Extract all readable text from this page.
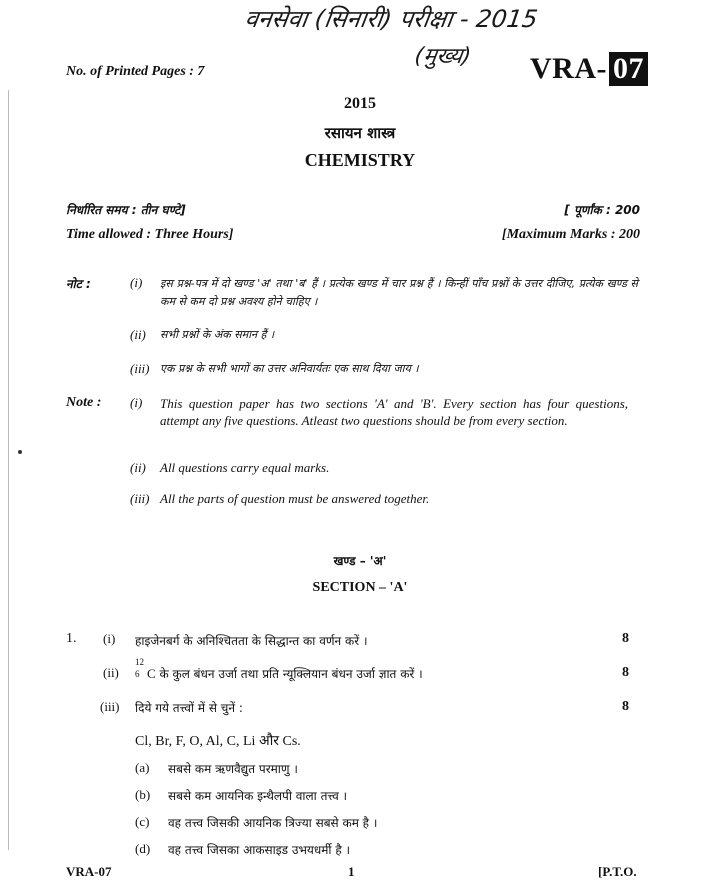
वनसेवा (सिनारी) परीक्षा - 2015
(मुख्य)
No. of Printed Pages : 7	VRA- 07
2015
रसायन शास्त्र
CHEMISTRY
निर्धारित समय : तीन घण्टे]	[ पूर्णांक : 200
Time allowed : Three Hours]	[Maximum Marks : 200
नोट :	(i) इस प्रश्न-पत्र में दो खण्ड 'अ' तथा 'ब' हैं । प्रत्येक खण्ड में चार प्रश्न हैं । किन्हीं पाँच प्रश्नों के उत्तर दीजिए, प्रत्येक खण्ड से कम से कम दो प्रश्न अवश्य होने चाहिए ।
(ii) सभी प्रश्नों के अंक समान हैं ।
(iii) एक प्रश्न के सभी भागों का उत्तर अनिवार्यतः एक साथ दिया जाय ।
Note : (i) This question paper has two sections 'A' and 'B'. Every section has four questions, attempt any five questions. Atleast two questions should be from every section.
(ii) All questions carry equal marks.
(iii) All the parts of question must be answered together.
खण्ड – 'अ'
SECTION – 'A'
1. (i) हाइजेनबर्ग के अनिश्चितता के सिद्धान्त का वर्णन करें ।	8
(ii)
12
6 C के कुल बंधन उर्जा तथा प्रति न्यूक्लियान बंधन उर्जा ज्ञात करें ।	8
(iii) दिये गये तत्त्वों में से चुनें :	8
Cl, Br, F, O, Al, C, Li और Cs.
(a) सबसे कम ऋणवैद्युत परमाणु ।
(b) सबसे कम आयनिक इन्थैलपी वाला तत्त्व ।
(c) वह तत्त्व जिसकी आयनिक त्रिज्या सबसे कम है ।
(d) वह तत्त्व जिसका आकसाइड उभयधर्मी है ।
VRA-07	1	[P.T.O.
